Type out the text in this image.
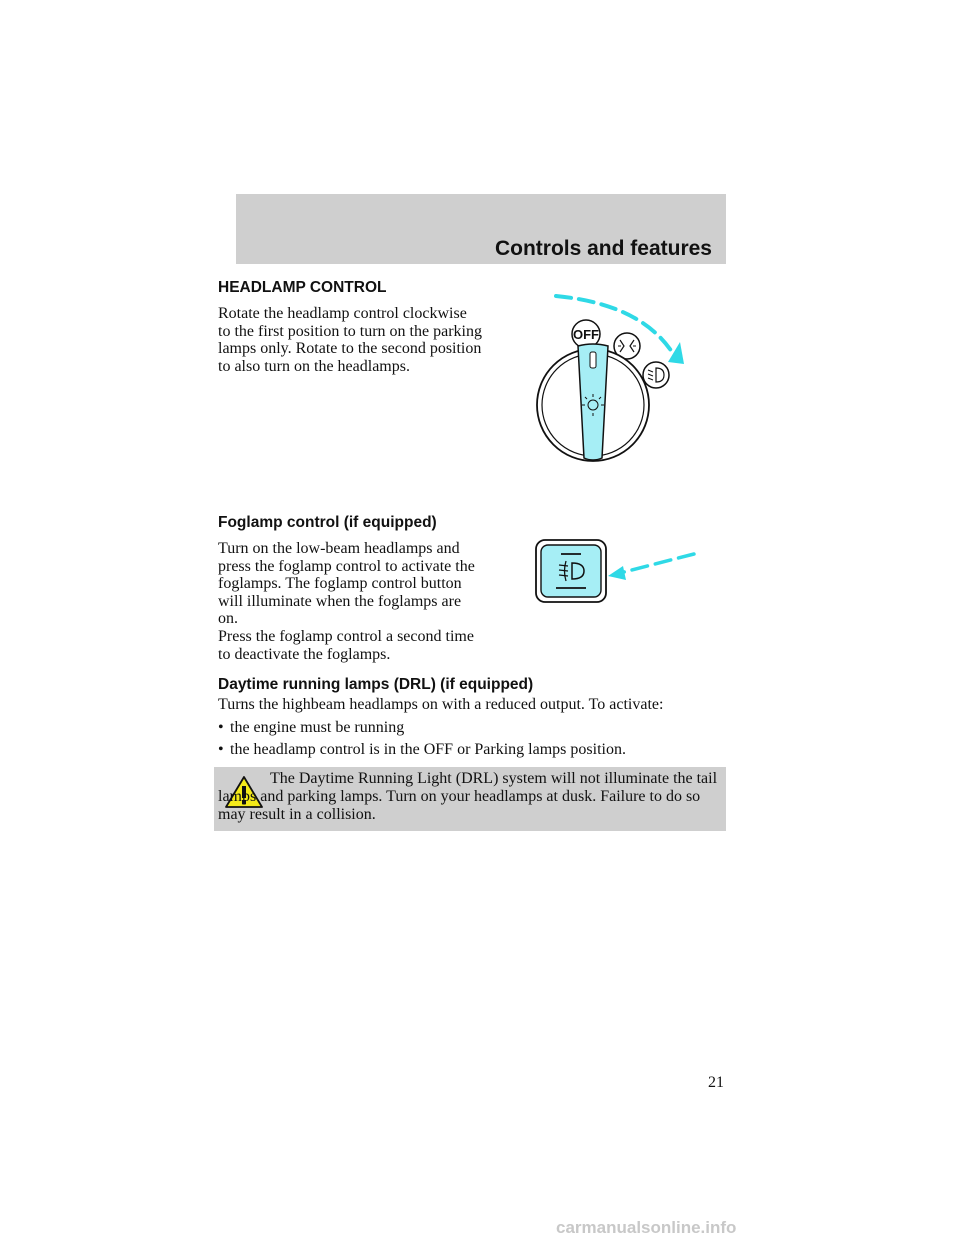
Controls and features
HEADLAMP CONTROL
Rotate the headlamp control clockwise to the first position to turn on the parking lamps only. Rotate to the second position to also turn on the headlamps.
OFF
Foglamp control (if equipped)
Turn on the low-beam headlamps and press the foglamp control to activate the foglamps. The foglamp control button will illuminate when the foglamps are on.
Press the foglamp control a second time to deactivate the foglamps.
Daytime running lamps (DRL) (if equipped)
Turns the highbeam headlamps on with a reduced output. To activate:
• the engine must be running
• the headlamp control is in the OFF or Parking lamps position.
The Daytime Running Light (DRL) system will not illuminate the tail lamps and parking lamps. Turn on your headlamps at dusk. Failure to do so may result in a collision.
21
carmanualsonline.info
